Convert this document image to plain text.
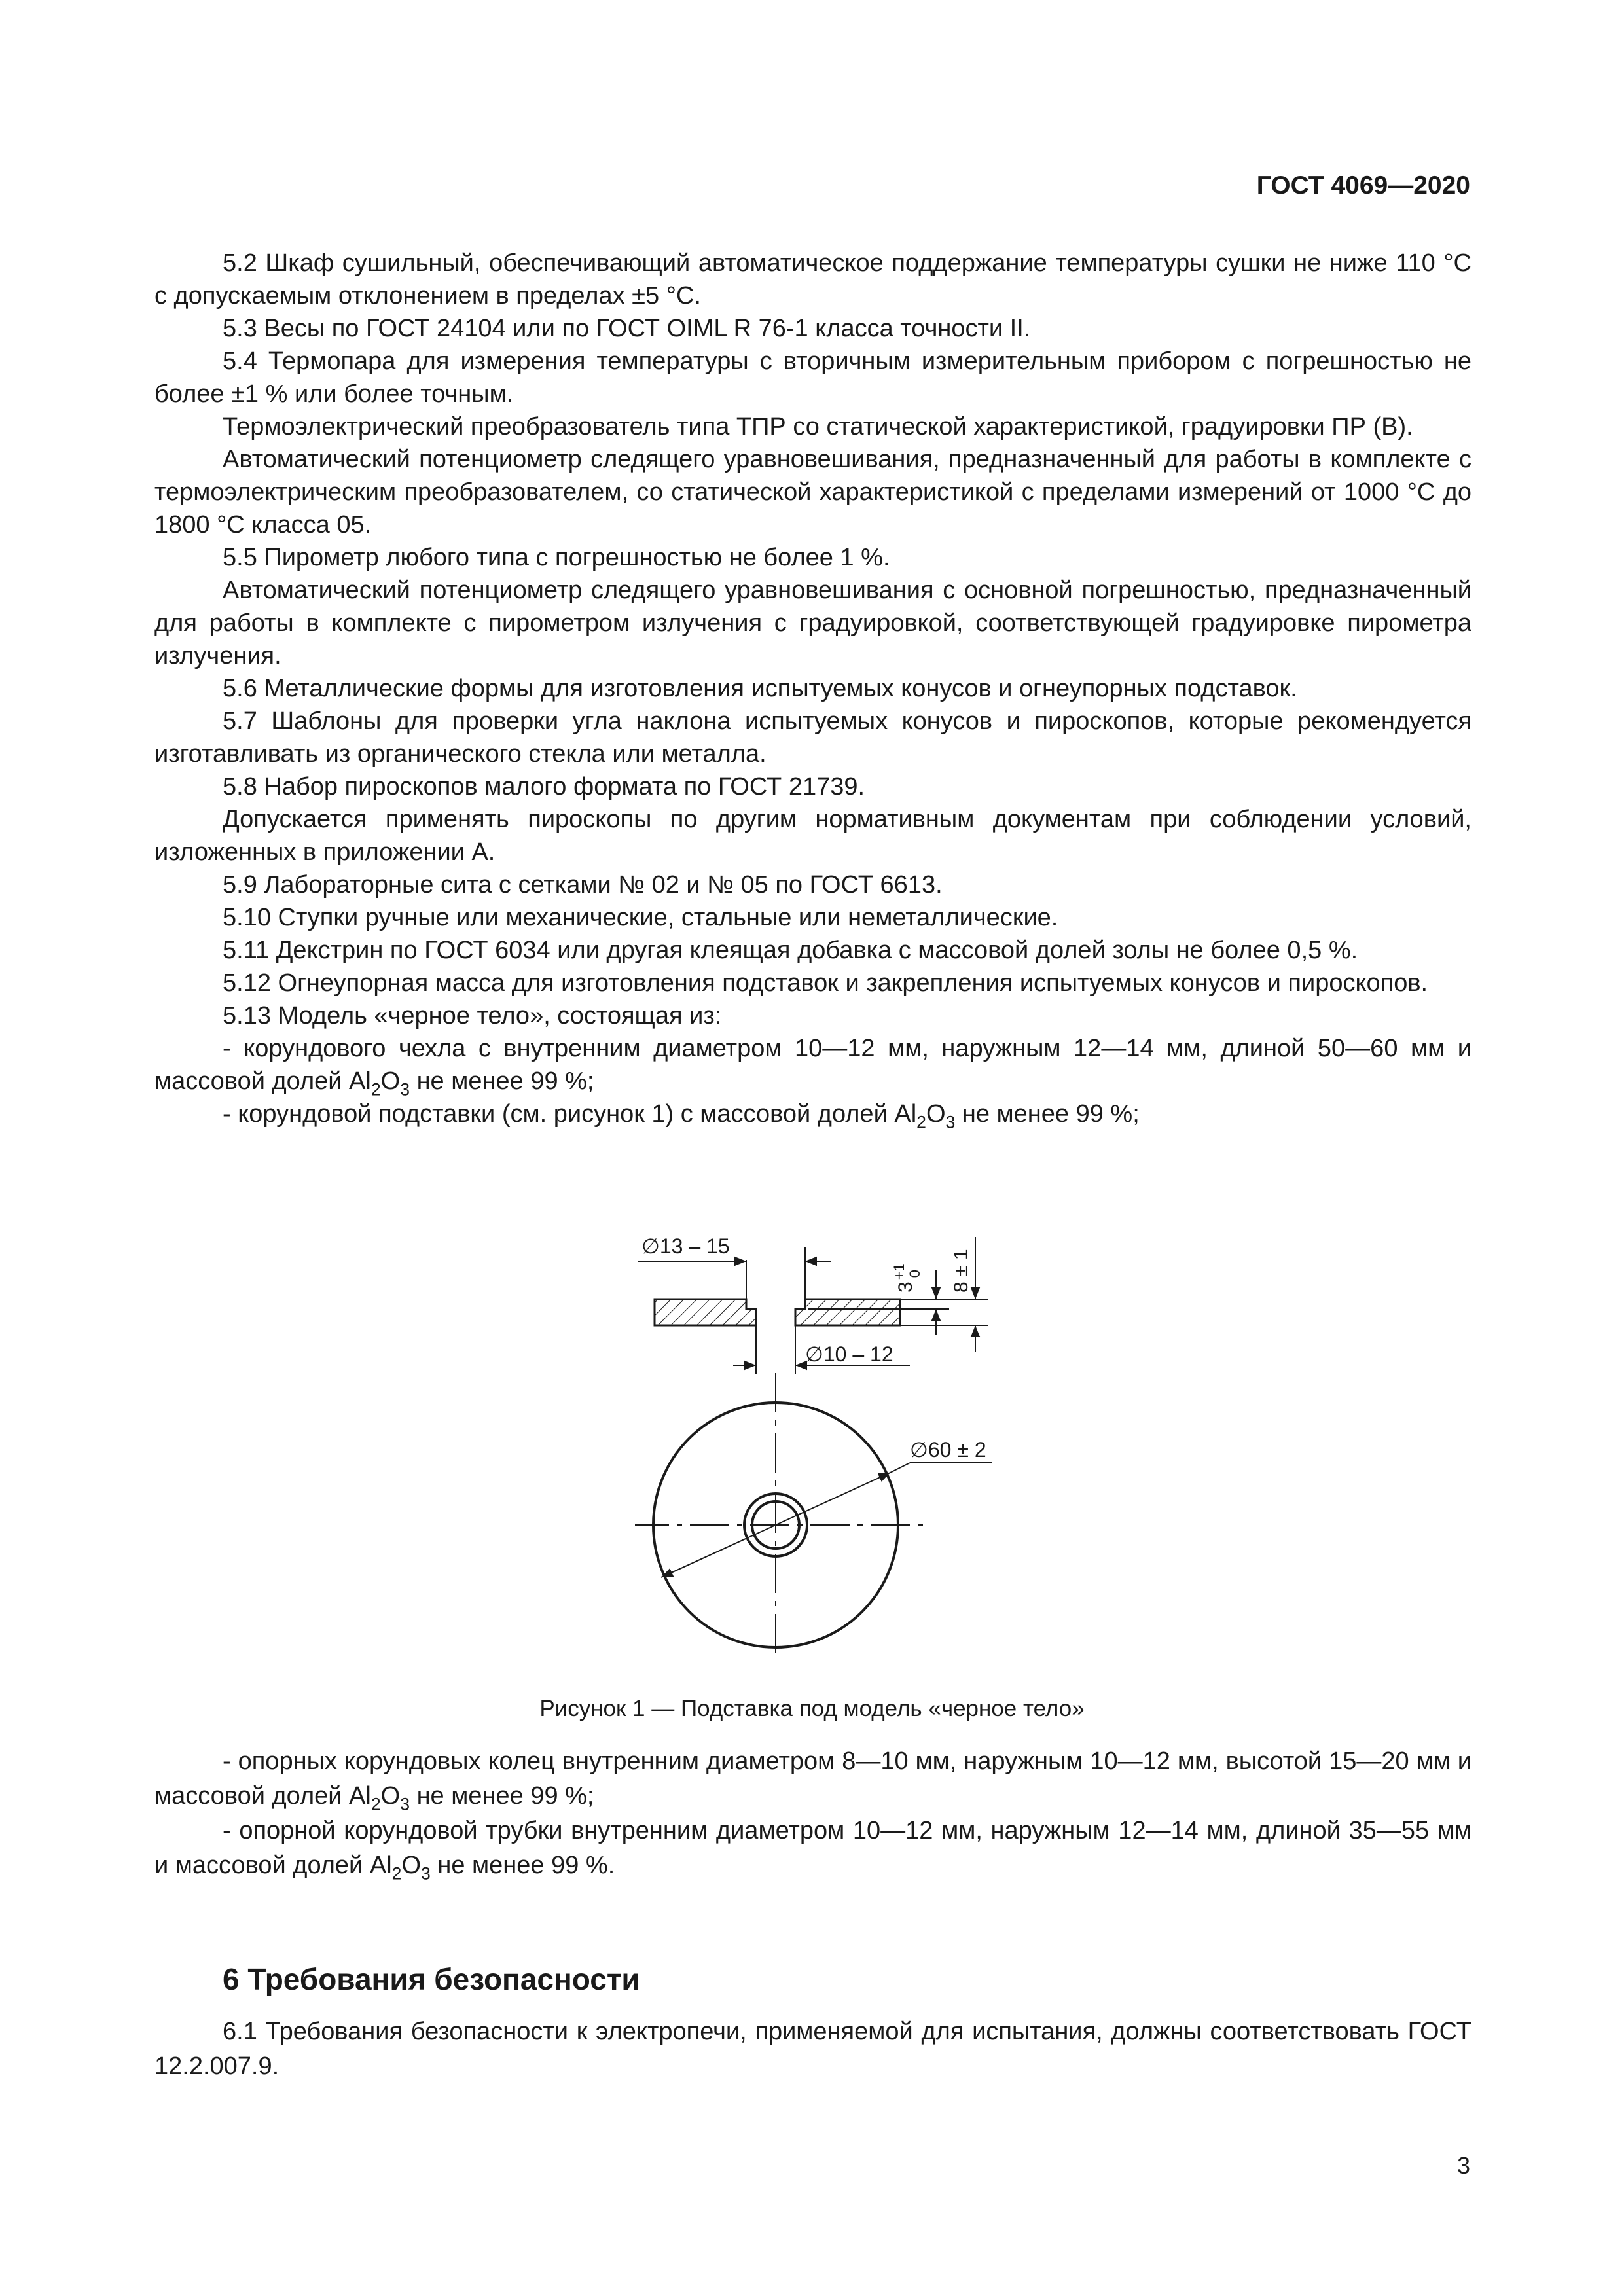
ГОСТ 4069—2020

5.2 Шкаф сушильный, обеспечивающий автоматическое поддержание температуры сушки не ниже 110 °C с допускаемым отклонением в пределах ±5 °C.

5.3 Весы по ГОСТ 24104 или по ГОСТ OIML R 76-1 класса точности II.

5.4 Термопара для измерения температуры с вторичным измерительным прибором с погрешностью не более ±1 % или более точным.

Термоэлектрический преобразователь типа ТПР со статической характеристикой, градуировки ПР (В).

Автоматический потенциометр следящего уравновешивания, предназначенный для работы в комплекте с термоэлектрическим преобразователем, со статической характеристикой с пределами измерений от 1000 °C до 1800 °C класса 05.

5.5 Пирометр любого типа с погрешностью не более 1 %.

Автоматический потенциометр следящего уравновешивания с основной погрешностью, предназначенный для работы в комплекте с пирометром излучения с градуировкой, соответствующей градуировке пирометра излучения.

5.6 Металлические формы для изготовления испытуемых конусов и огнеупорных подставок.

5.7 Шаблоны для проверки угла наклона испытуемых конусов и пироскопов, которые рекомендуется изготавливать из органического стекла или металла.

5.8 Набор пироскопов малого формата по ГОСТ 21739.

Допускается применять пироскопы по другим нормативным документам при соблюдении условий, изложенных в приложении А.

5.9 Лабораторные сита с сетками № 02 и № 05 по ГОСТ 6613.

5.10 Ступки ручные или механические, стальные или неметаллические.

5.11 Декстрин по ГОСТ 6034 или другая клеящая добавка с массовой долей золы не более 0,5 %.

5.12 Огнеупорная масса для изготовления подставок и закрепления испытуемых конусов и пироскопов.

5.13 Модель «черное тело», состоящая из:

- корундового чехла с внутренним диаметром 10—12 мм, наружным 12—14 мм, длиной 50—60 мм и массовой долей $Al_2O_3$ не менее 99 %;

- корундовой подставки (см. рисунок 1) с массовой долей $Al_2O_3$ не менее 99 %;

∅13 – 15
∅10 – 12
$3^{+1}0$ 8 ± 1
∅60 ± 2
Рисунок 1 — Подставка под модель «черное тело»

- опорных корундовых колец внутренним диаметром 8—10 мм, наружным 10—12 мм, высотой 15—20 мм и массовой долей $Al_2O_3$ не менее 99 %;

- опорной корундовой трубки внутренним диаметром 10—12 мм, наружным 12—14 мм, длиной 35—55 мм и массовой долей $Al_2O_3$ не менее 99 %.

6 Требования безопасности

6.1 Требования безопасности к электропечи, применяемой для испытания, должны соответствовать ГОСТ 12.2.007.9.

3
